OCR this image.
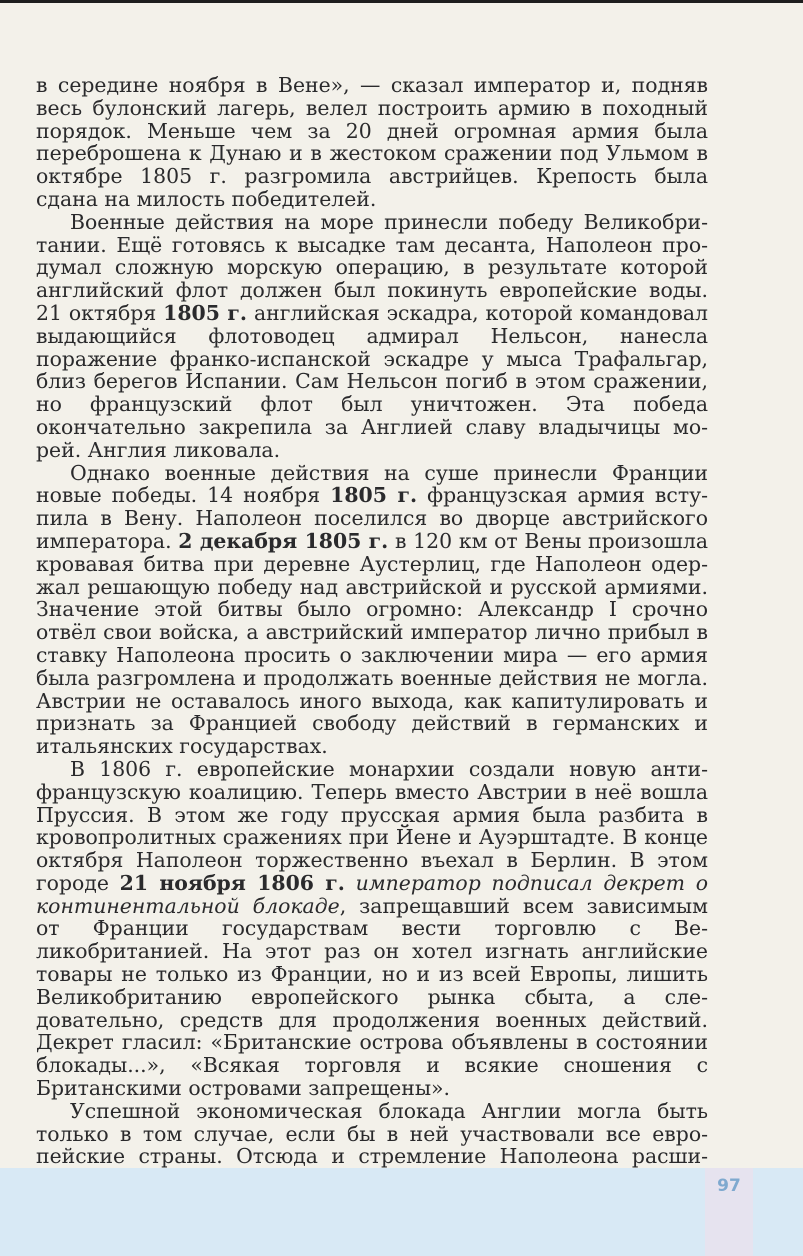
в середине ноября в Вене», — сказал император и, подняв весь булонский лагерь, велел построить армию в походный порядок. Меньше чем за 20 дней огромная армия была переброшена к Дунаю и в жестоком сражении под Ульмом в октябре 1805 г. разгромила австрийцев. Крепость была сдана на милость победителей.

Военные действия на море принесли победу Великобритании. Ещё готовясь к высадке там десанта, Наполеон продумал сложную морскую операцию, в результате которой английский флот должен был покинуть европейские воды. 21 октября 1805 г. английская эскадра, которой командовал выдающийся флотоводец адмирал Нельсон, нанесла поражение франко-испанской эскадре у мыса Трафальгар, близ берегов Испании. Сам Нельсон погиб в этом сражении, но французский флот был уничтожен. Эта победа окончательно закрепила за Англией славу владычицы морей. Англия ликовала.

Однако военные действия на суше принесли Франции новые победы. 14 ноября 1805 г. французская армия вступила в Вену. Наполеон поселился во дворце австрийского императора. 2 декабря 1805 г. в 120 км от Вены произошла кровавая битва при деревне Аустерлиц, где Наполеон одержал решающую победу над австрийской и русской армиями. Значение этой битвы было огромно: Александр I срочно отвёл свои войска, а австрийский император лично прибыл в ставку Наполеона просить о заключении мира — его армия была разгромлена и продолжать военные действия не могла. Австрии не оставалось иного выхода, как капитулировать и признать за Францией свободу действий в германских и итальянских государствах.

В 1806 г. европейские монархии создали новую антифранцузскую коалицию. Теперь вместо Австрии в неё вошла Пруссия. В этом же году прусская армия была разбита в кровопролитных сражениях при Йене и Ауэрштадте. В конце октября Наполеон торжественно въехал в Берлин. В этом городе 21 ноября 1806 г. император подписал декрет о континентальной блокаде, запрещавший всем зависимым от Франции государствам вести торговлю с Великобританией. На этот раз он хотел изгнать английские товары не только из Франции, но и из всей Европы, лишить Великобританию европейского рынка сбыта, а следовательно, средств для продолжения военных действий. Декрет гласил: «Британские острова объявлены в состоянии блокады...», «Всякая торговля и всякие сношения с Британскими островами запрещены».

Успешной экономическая блокада Англии могла быть только в том случае, если бы в ней участвовали все европейские страны. Отсюда и стремление Наполеона расши

97
